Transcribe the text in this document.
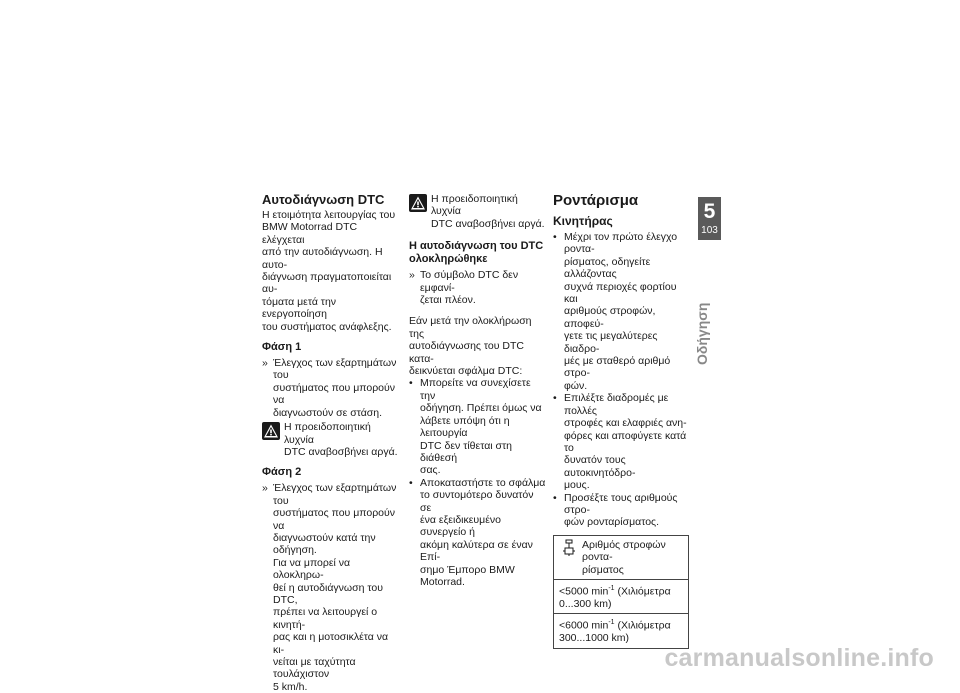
Αυτοδιάγνωση DTC

Η ετοιμότητα λειτουργίας του
BMW Motorrad DTC ελέγχεται
από την αυτοδιάγνωση. Η αυτο-
διάγνωση πραγματοποιείται αυ-
τόματα μετά την ενεργοποίηση
του συστήματος ανάφλεξης.

Φάση 1
» Έλεγχος των εξαρτημάτων του
συστήματος που μπορούν να
διαγνωστούν σε στάση.
Η προειδοποιητική λυχνία
DTC αναβοσβήνει αργά.
Φάση 2
» Έλεγχος των εξαρτημάτων του
συστήματος που μπορούν να
διαγνωστούν κατά την οδήγηση.
Για να μπορεί να ολοκληρω-
θεί η αυτοδιάγνωση του DTC,
πρέπει να λειτουργεί ο κινητή-
ρας και η μοτοσικλέτα να κι-
νείται με ταχύτητα τουλάχιστον
5 km/h.
Η προειδοποιητική λυχνία
DTC αναβοσβήνει αργά.
Η αυτοδιάγνωση του DTC
ολοκληρώθηκε
» Το σύμβολο DTC δεν εμφανί-
ζεται πλέον.

Εάν μετά την ολοκλήρωση της
αυτοδιάγνωσης του DTC κατα-
δεικνύεται σφάλμα DTC:

• Μπορείτε να συνεχίσετε την
οδήγηση. Πρέπει όμως να
λάβετε υπόψη ότι η λειτουργία
DTC δεν τίθεται στη διάθεσή
σας.
• Αποκαταστήστε το σφάλμα
το συντομότερο δυνατόν σε
ένα εξειδικευμένο συνεργείο ή
ακόμη καλύτερα σε έναν Επί-
σημο Έμπορο BMW Motorrad.
Ροντάρισμα
Κινητήρας
• Μέχρι τον πρώτο έλεγχο ροντα-
ρίσματος, οδηγείτε αλλάζοντας
συχνά περιοχές φορτίου και
αριθμούς στροφών, αποφεύ-
γετε τις μεγαλύτερες διαδρο-
μές με σταθερό αριθμό στρο-
φών.
• Επιλέξτε διαδρομές με πολλές
στροφές και ελαφριές ανη-
φόρες και αποφύγετε κατά το
δυνατόν τους αυτοκινητόδρο-
μους.
• Προσέξτε τους αριθμούς στρο-
φών ρονταρίσματος.
Αριθμός στροφών ροντα-
ρίσματος

<5000 $\min^{-1} (X\iota\lambda\iota ό\mu\varepsilon\tau\rho\alpha$
0...300 km)
<6000 $\min^{-1} (X\iota\lambda\iota ό\mu\varepsilon\tau\rho\alpha$
300...1000 km)
5
103
Οδήγηση
carmanualsonline.info
